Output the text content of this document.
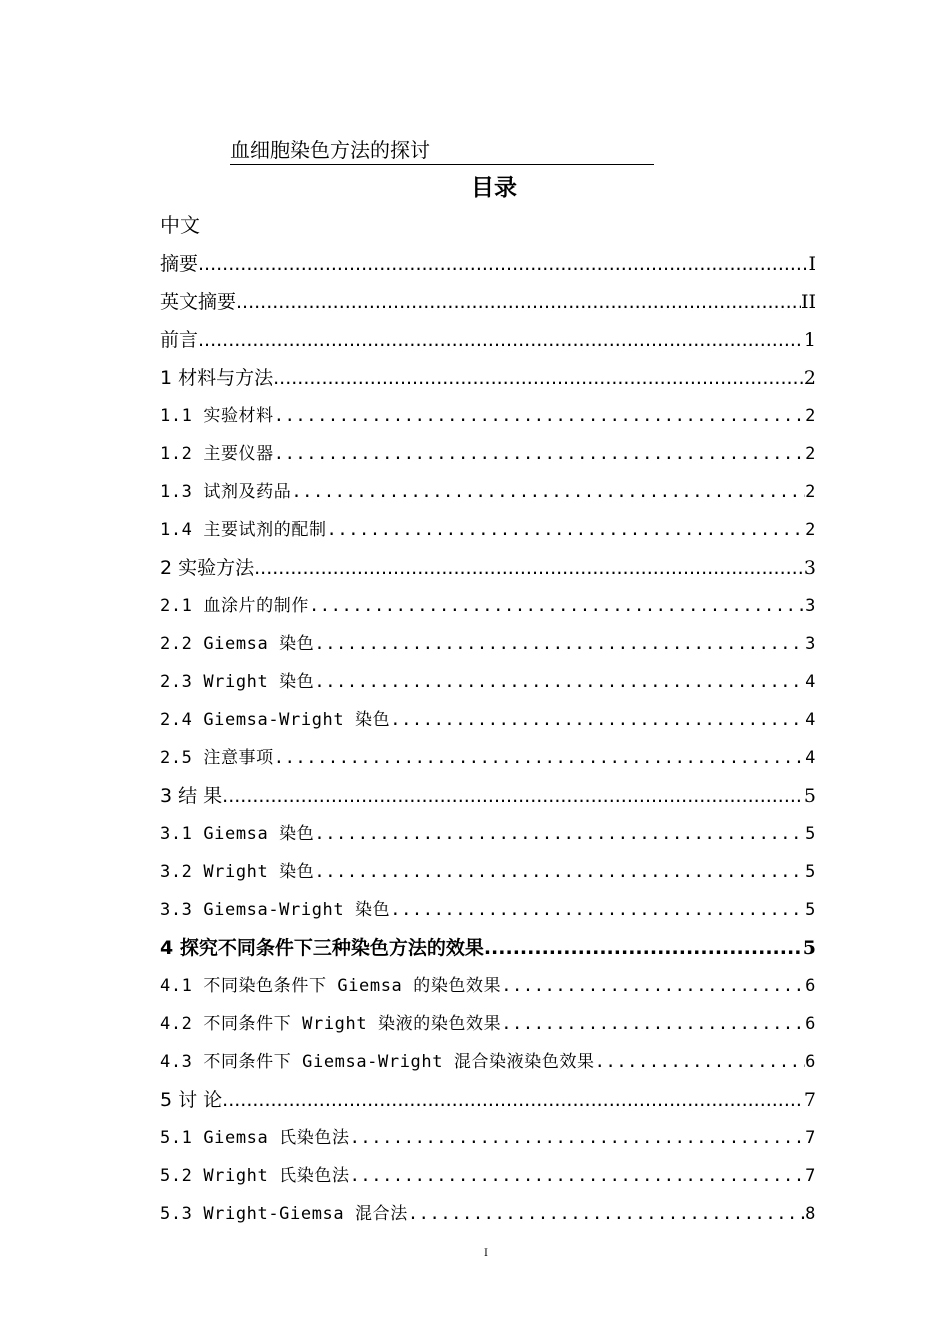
血细胞染色方法的探讨
目录
中文
摘要 .....	I
英文摘要 .....	II
前言 .....	1
1 材料与方法 .....	2
1.1 实验材料 .....	2
1.2 主要仪器 .....	2
1.3 试剂及药品 .....	2
1.4 主要试剂的配制 .....	2
2 实验方法 .....	3
2.1 血涂片的制作 .....	3
2.2 Giemsa 染色 .....	3
2.3 Wright 染色 .....	4
2.4 Giemsa-Wright 染色 .....	4
2.5 注意事项 .....	4
3 结 果 .....	5
3.1 Giemsa 染色 .....	5
3.2 Wright 染色 .....	5
3.3 Giemsa-Wright 染色 .....	5
4 探究不同条件下三种染色方法的效果 .....	5
4.1 不同染色条件下 Giemsa 的染色效果 .....	6
4.2 不同条件下 Wright 染液的染色效果 .....	6
4.3 不同条件下 Giemsa-Wright 混合染液染色效果 .....	6
5 讨 论 .....	7
5.1 Giemsa 氏染色法 .....	7
5.2 Wright 氏染色法 .....	7
5.3 Wright-Giemsa 混合法 .....	8
I
